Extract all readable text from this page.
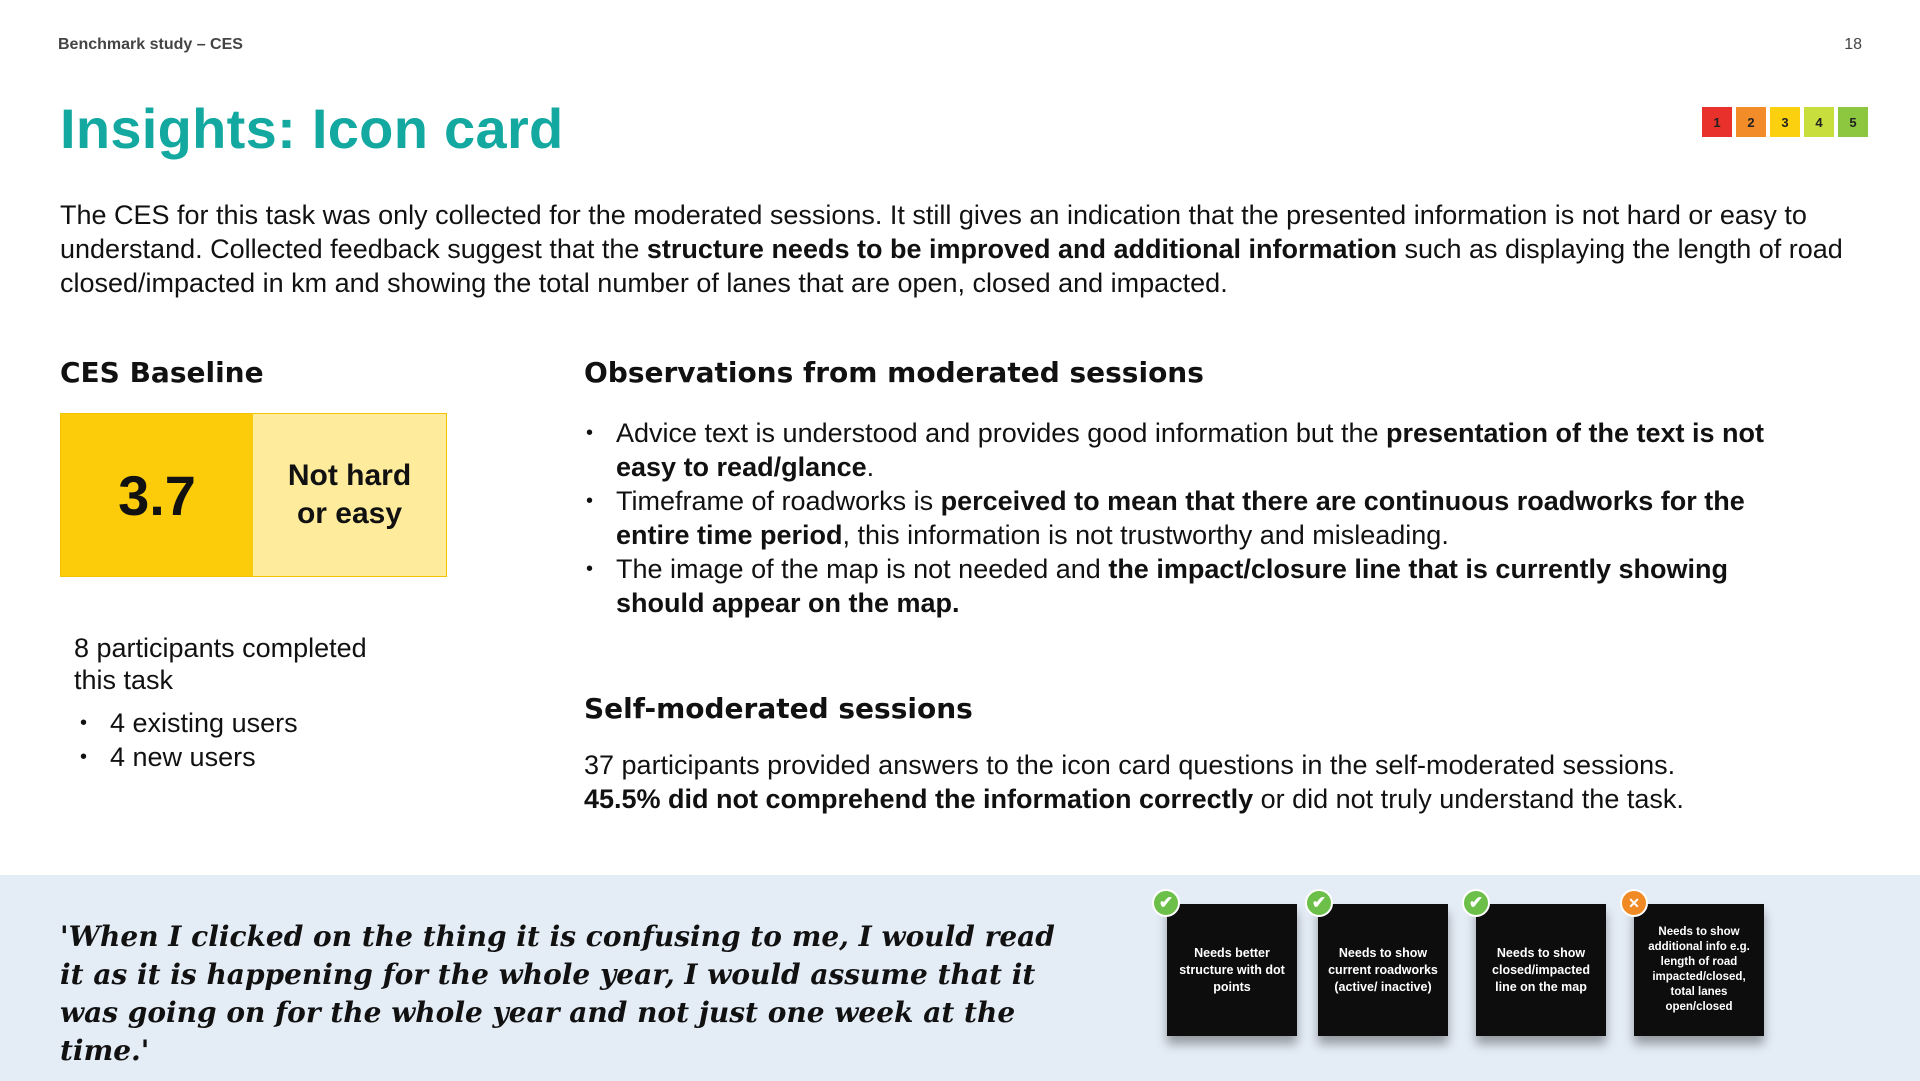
Benchmark study – CES	18
Insights: Icon card	1	2	3	4	5

The CES for this task was only collected for the moderated sessions. It still gives an indication that the presented information is not hard or easy to understand. Collected feedback suggest that the structure needs to be improved and additional information such as displaying the length of road closed/impacted in km and showing the total number of lanes that are open, closed and impacted.

CES Baseline
3.7	Not hard
or easy
8 participants completed this task
• 4 existing users
• 4 new users
Observations from moderated sessions
• Advice text is understood and provides good information but the presentation of the text is not easy to read/glance.
• Timeframe of roadworks is perceived to mean that there are continuous roadworks for the entire time period, this information is not trustworthy and misleading.
• The image of the map is not needed and the impact/closure line that is currently showing should appear on the map.
Self-moderated sessions

37 participants provided answers to the icon card questions in the self-moderated sessions.
45.5% did not comprehend the information correctly or did not truly understand the task.

'When I clicked on the thing it is confusing to me, I would read it as it is happening for the whole year, I would assume that it was going on for the whole year and not just one week at the time.'
Needs better structure with dot points
✔
Needs to show current roadworks (active/ inactive)
✔
Needs to show closed/impacted line on the map
✔
Needs to show additional info e.g. length of road impacted/closed, total lanes open/closed
✕
